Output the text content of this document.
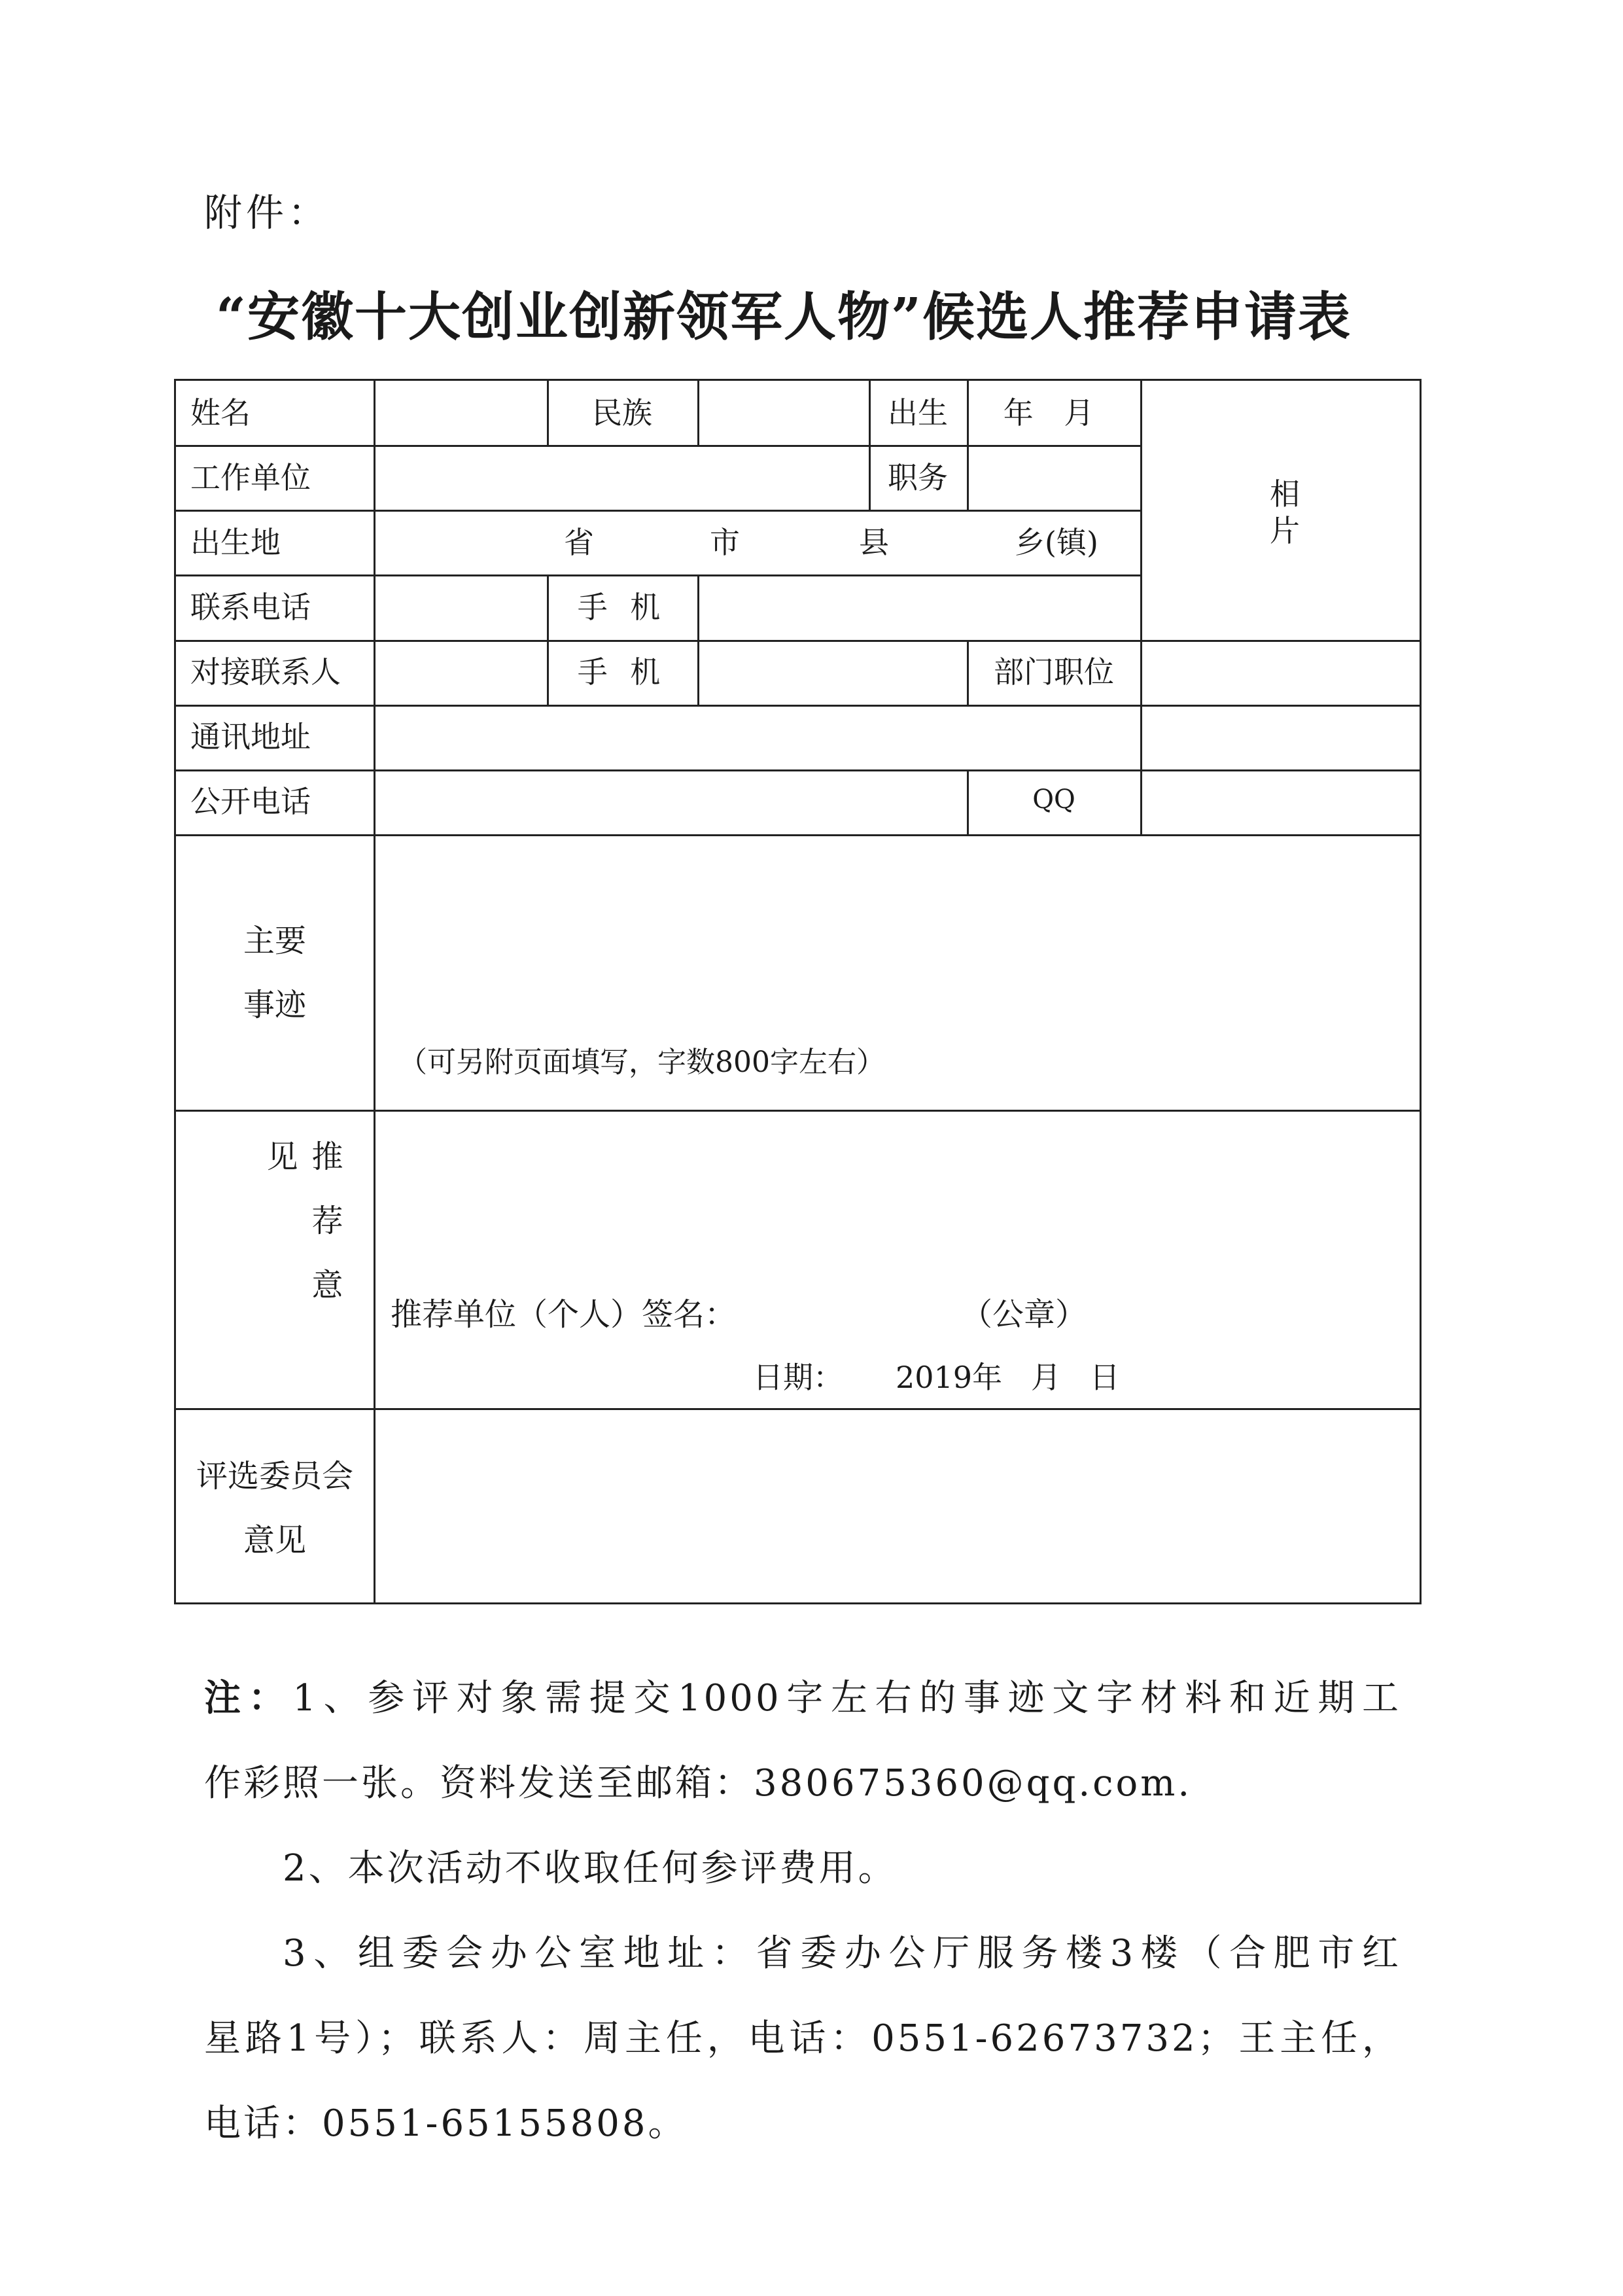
附件：
“安徽十大创业创新领军人物”候选人推荐申请表
姓名	民族	出生 年 月
工作单位	职务	相片
出生地	省	市	县	乡(镇)
联系电话	手 机
对接联系人	手 机	部门职位
通讯地址
公开电话	QQ
主要
事迹
（可另附页面填写，字数800字左右）
推荐意见
推荐单位（个人）签名：	（公章）
日期： 2019年   月   日
评选委员会
意见

注：1、参评对象需提交1000字左右的事迹文字材料和近期工

作彩照一张。资料发送至邮箱：380675360@qq.com.

2、本次活动不收取任何参评费用。

3、组委会办公室地址：省委办公厅服务楼3楼（合肥市红

星路1号）；联系人：周主任，电话：0551-62673732；王主任，

电话：0551-65155808。
